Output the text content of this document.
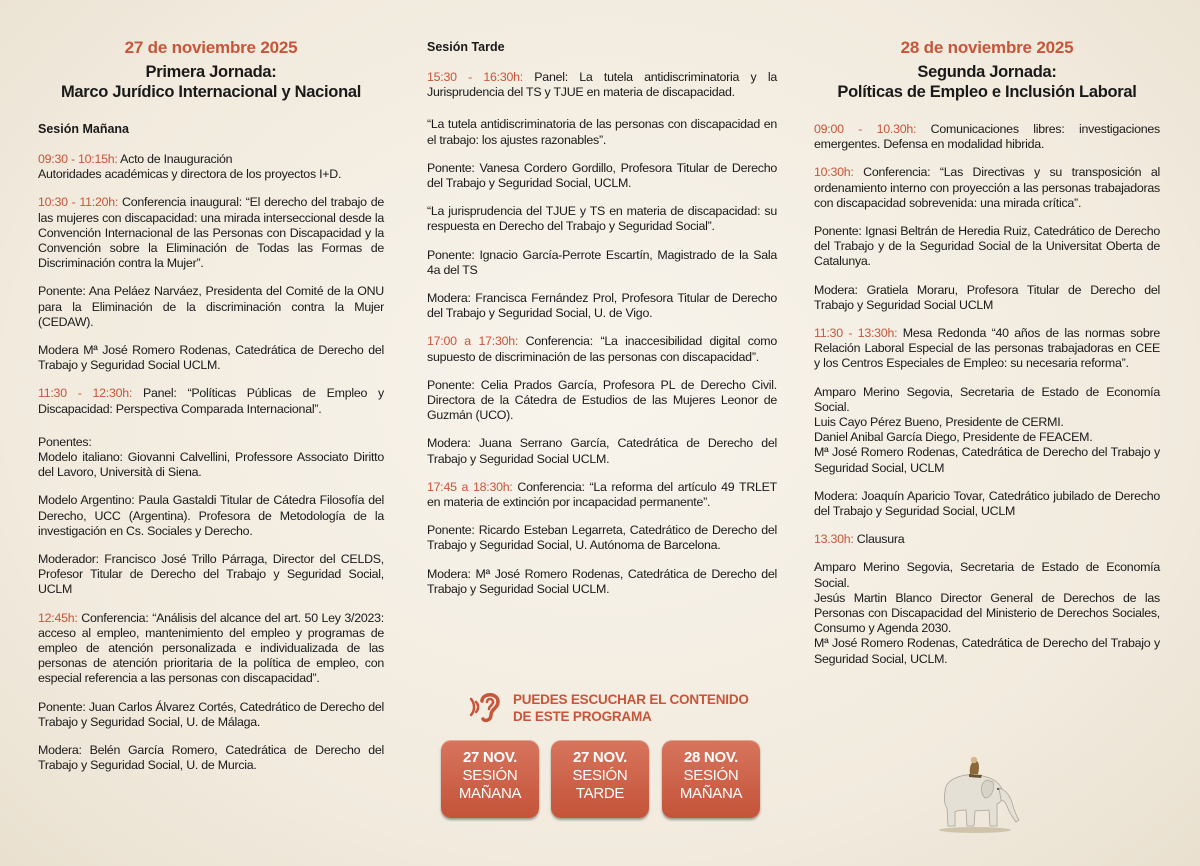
27 de noviembre 2025
Primera Jornada:
Marco Jurídico Internacional y Nacional
Sesión Mañana

09:30 - 10:15h: Acto de Inauguración

Autoridades académicas y directora de los proyectos I+D.

10:30 - 11:20h: Conferencia inaugural: “El derecho del trabajo de las mujeres con discapacidad: una mirada interseccional desde la Convención Internacional de las Personas con Discapacidad y la Convención sobre la Eliminación de Todas las Formas de Discriminación contra la Mujer”.

Ponente: Ana Peláez Narváez, Presidenta del Comité de la ONU para la Eliminación de la discriminación contra la Mujer (CEDAW).

Modera Mª José Romero Rodenas, Catedrática de Derecho del Trabajo y Seguridad Social UCLM.

11:30 - 12:30h: Panel: “Políticas Públicas de Empleo y Discapacidad: Perspectiva Comparada Internacional”.

Ponentes:

Modelo italiano: Giovanni Calvellini, Professore Associato Diritto del Lavoro, Università di Siena.

Modelo Argentino: Paula Gastaldi Titular de Cátedra Filosofía del Derecho, UCC (Argentina). Profesora de Metodología de la investigación en Cs. Sociales y Derecho.

Moderador: Francisco José Trillo Párraga, Director del CELDS, Profesor Titular de Derecho del Trabajo y Seguridad Social, UCLM

12:45h: Conferencia: “Análisis del alcance del art. 50 Ley 3/2023: acceso al empleo, mantenimiento del empleo y programas de empleo de atención personalizada e individualizada de las personas de atención prioritaria de la política de empleo, con especial referencia a las personas con discapacidad”.

Ponente: Juan Carlos Álvarez Cortés, Catedrático de Derecho del Trabajo y Seguridad Social, U. de Málaga.

Modera: Belén García Romero, Catedrática de Derecho del Trabajo y Seguridad Social, U. de Murcia.

Sesión Tarde

15:30 - 16:30h: Panel: La tutela antidiscriminatoria y la Jurisprudencia del TS y TJUE en materia de discapacidad.

“La tutela antidiscriminatoria de las personas con discapacidad en el trabajo: los ajustes razonables”.

Ponente: Vanesa Cordero Gordillo, Profesora Titular de Derecho del Trabajo y Seguridad Social, UCLM.

“La jurisprudencia del TJUE y TS en materia de discapacidad: su respuesta en Derecho del Trabajo y Seguridad Social”.

Ponente: Ignacio García-Perrote Escartín, Magistrado de la Sala 4a del TS

Modera: Francisca Fernández Prol, Profesora Titular de Derecho del Trabajo y Seguridad Social, U. de Vigo.

17:00 a 17:30h: Conferencia: “La inaccesibilidad digital como supuesto de discriminación de las personas con discapacidad”.

Ponente: Celia Prados García, Profesora PL de Derecho Civil. Directora de la Cátedra de Estudios de las Mujeres Leonor de Guzmán (UCO).

Modera: Juana Serrano García, Catedrática de Derecho del Trabajo y Seguridad Social UCLM.

17:45 a 18:30h: Conferencia: “La reforma del artículo 49 TRLET en materia de extinción por incapacidad permanente”.

Ponente: Ricardo Esteban Legarreta, Catedrático de Derecho del Trabajo y Seguridad Social, U. Autónoma de Barcelona.

Modera: Mª José Romero Rodenas, Catedrática de Derecho del Trabajo y Seguridad Social UCLM.

PUEDES ESCUCHAR EL CONTENIDO
DE ESTE PROGRAMA
27 NOV.
SESIÓN
MAÑANA
27 NOV.
SESIÓN
TARDE
28 NOV.
SESIÓN
MAÑANA
28 de noviembre 2025
Segunda Jornada:
Políticas de Empleo e Inclusión Laboral

09:00 - 10.30h: Comunicaciones libres: investigaciones emergentes. Defensa en modalidad hibrida.

10:30h: Conferencia: “Las Directivas y su transposición al ordenamiento interno con proyección a las personas trabajadoras con discapacidad sobrevenida: una mirada crítica”.

Ponente: Ignasi Beltrán de Heredia Ruiz, Catedrático de Derecho del Trabajo y de la Seguridad Social de la Universitat Oberta de Catalunya.

Modera: Gratiela Moraru, Profesora Titular de Derecho del Trabajo y Seguridad Social UCLM

11:30 - 13:30h: Mesa Redonda “40 años de las normas sobre Relación Laboral Especial de las personas trabajadoras en CEE y los Centros Especiales de Empleo: su necesaria reforma”.

Amparo Merino Segovia, Secretaria de Estado de Economía Social.

Luis Cayo Pérez Bueno, Presidente de CERMI.

Daniel Anibal García Diego, Presidente de FEACEM.

Mª José Romero Rodenas, Catedrática de Derecho del Trabajo y Seguridad Social, UCLM

Modera: Joaquín Aparicio Tovar, Catedrático jubilado de Derecho del Trabajo y Seguridad Social, UCLM

13.30h: Clausura

Amparo Merino Segovia, Secretaria de Estado de Economía Social.

Jesús Martin Blanco Director General de Derechos de las Personas con Discapacidad del Ministerio de Derechos Sociales, Consumo y Agenda 2030.

Mª José Romero Rodenas, Catedrática de Derecho del Trabajo y Seguridad Social, UCLM.
